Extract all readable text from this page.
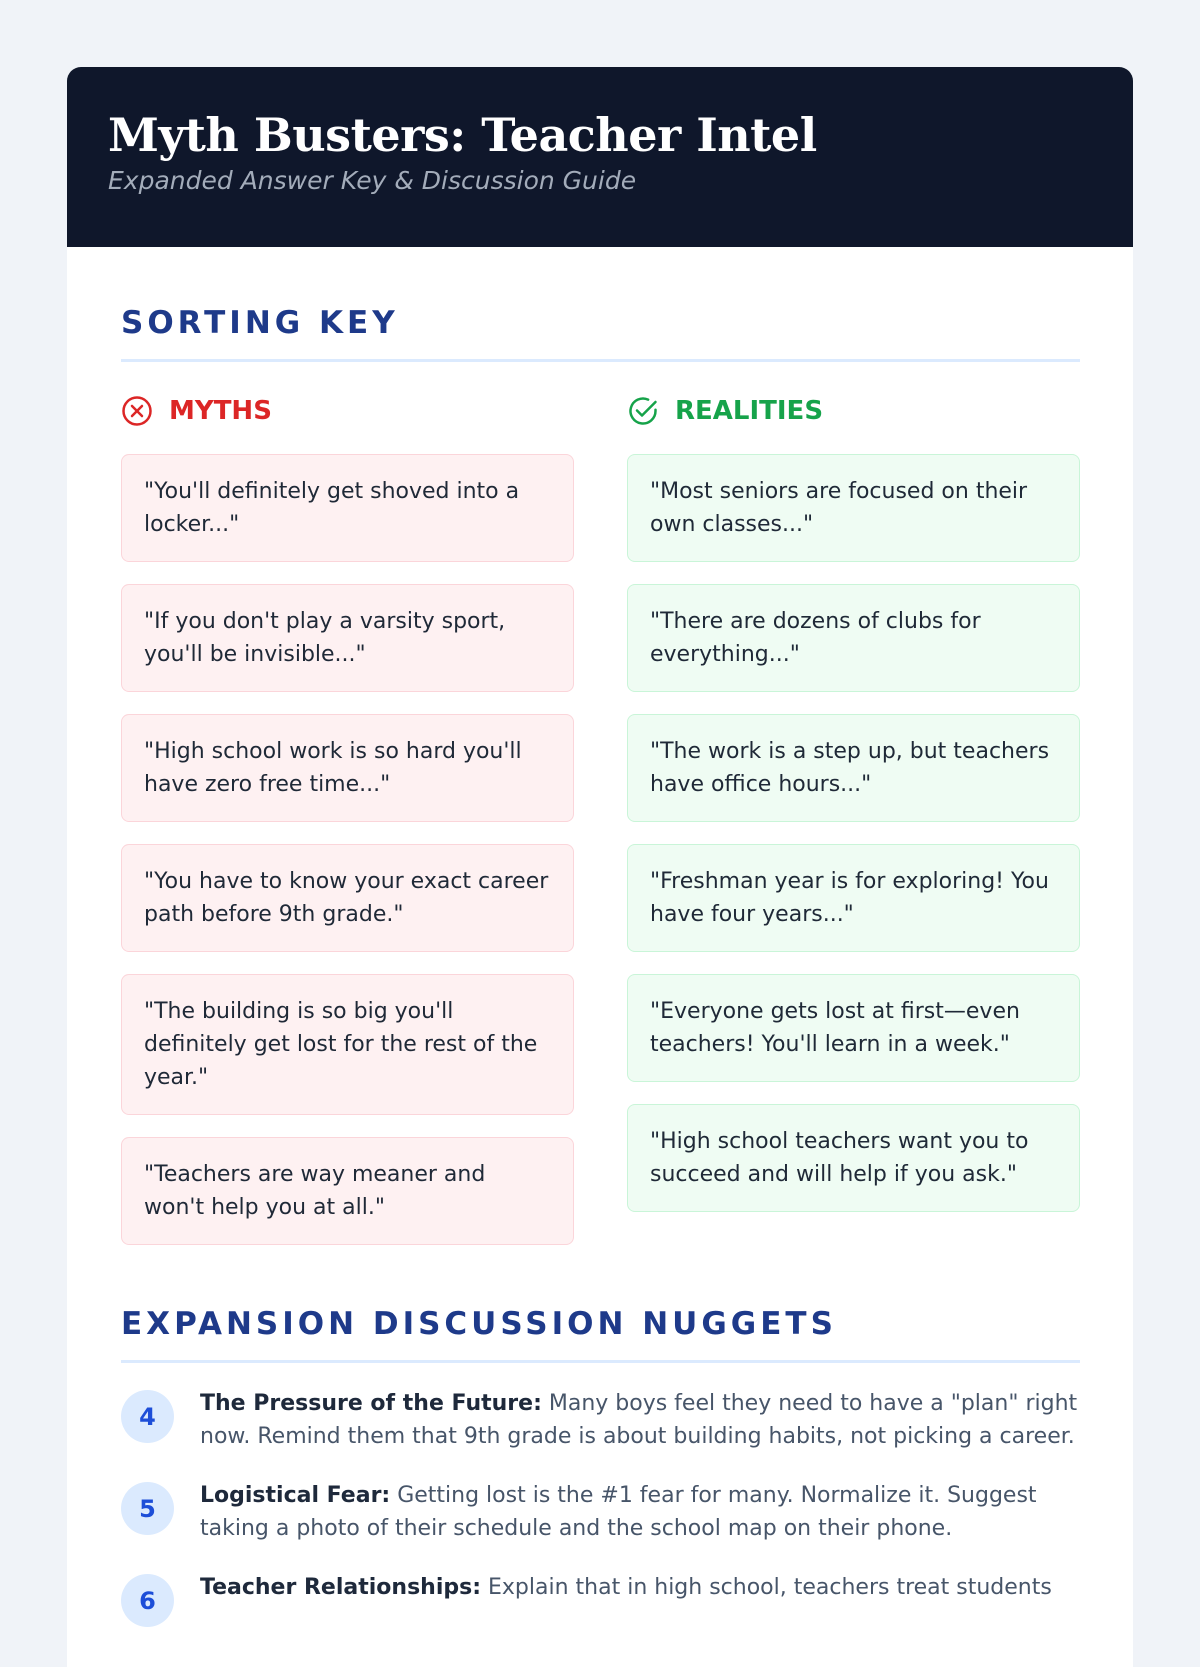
Myth Busters: Teacher Intel
Expanded Answer Key & Discussion Guide
SORTING KEY
MYTHS
"You'll definitely get shoved into a locker..."
"If you don't play a varsity sport, you'll be invisible..."
"High school work is so hard you'll have zero free time..."
"You have to know your exact career path before 9th grade."
"The building is so big you'll definitely get lost for the rest of the year."
"Teachers are way meaner and won't help you at all."
REALITIES
"Most seniors are focused on their own classes..."
"There are dozens of clubs for everything..."
"The work is a step up, but teachers have office hours..."
"Freshman year is for exploring! You have four years..."
"Everyone gets lost at first—even teachers! You'll learn in a week."
"High school teachers want you to succeed and will help if you ask."
EXPANSION DISCUSSION NUGGETS
4	The Pressure of the Future: Many boys feel they need to have a "plan" right now. Remind them that 9th grade is about building habits, not picking a career.
5	Logistical Fear: Getting lost is the #1 fear for many. Normalize it. Suggest taking a photo of their schedule and the school map on their phone.
6	Teacher Relationships: Explain that in high school, teachers treat students
